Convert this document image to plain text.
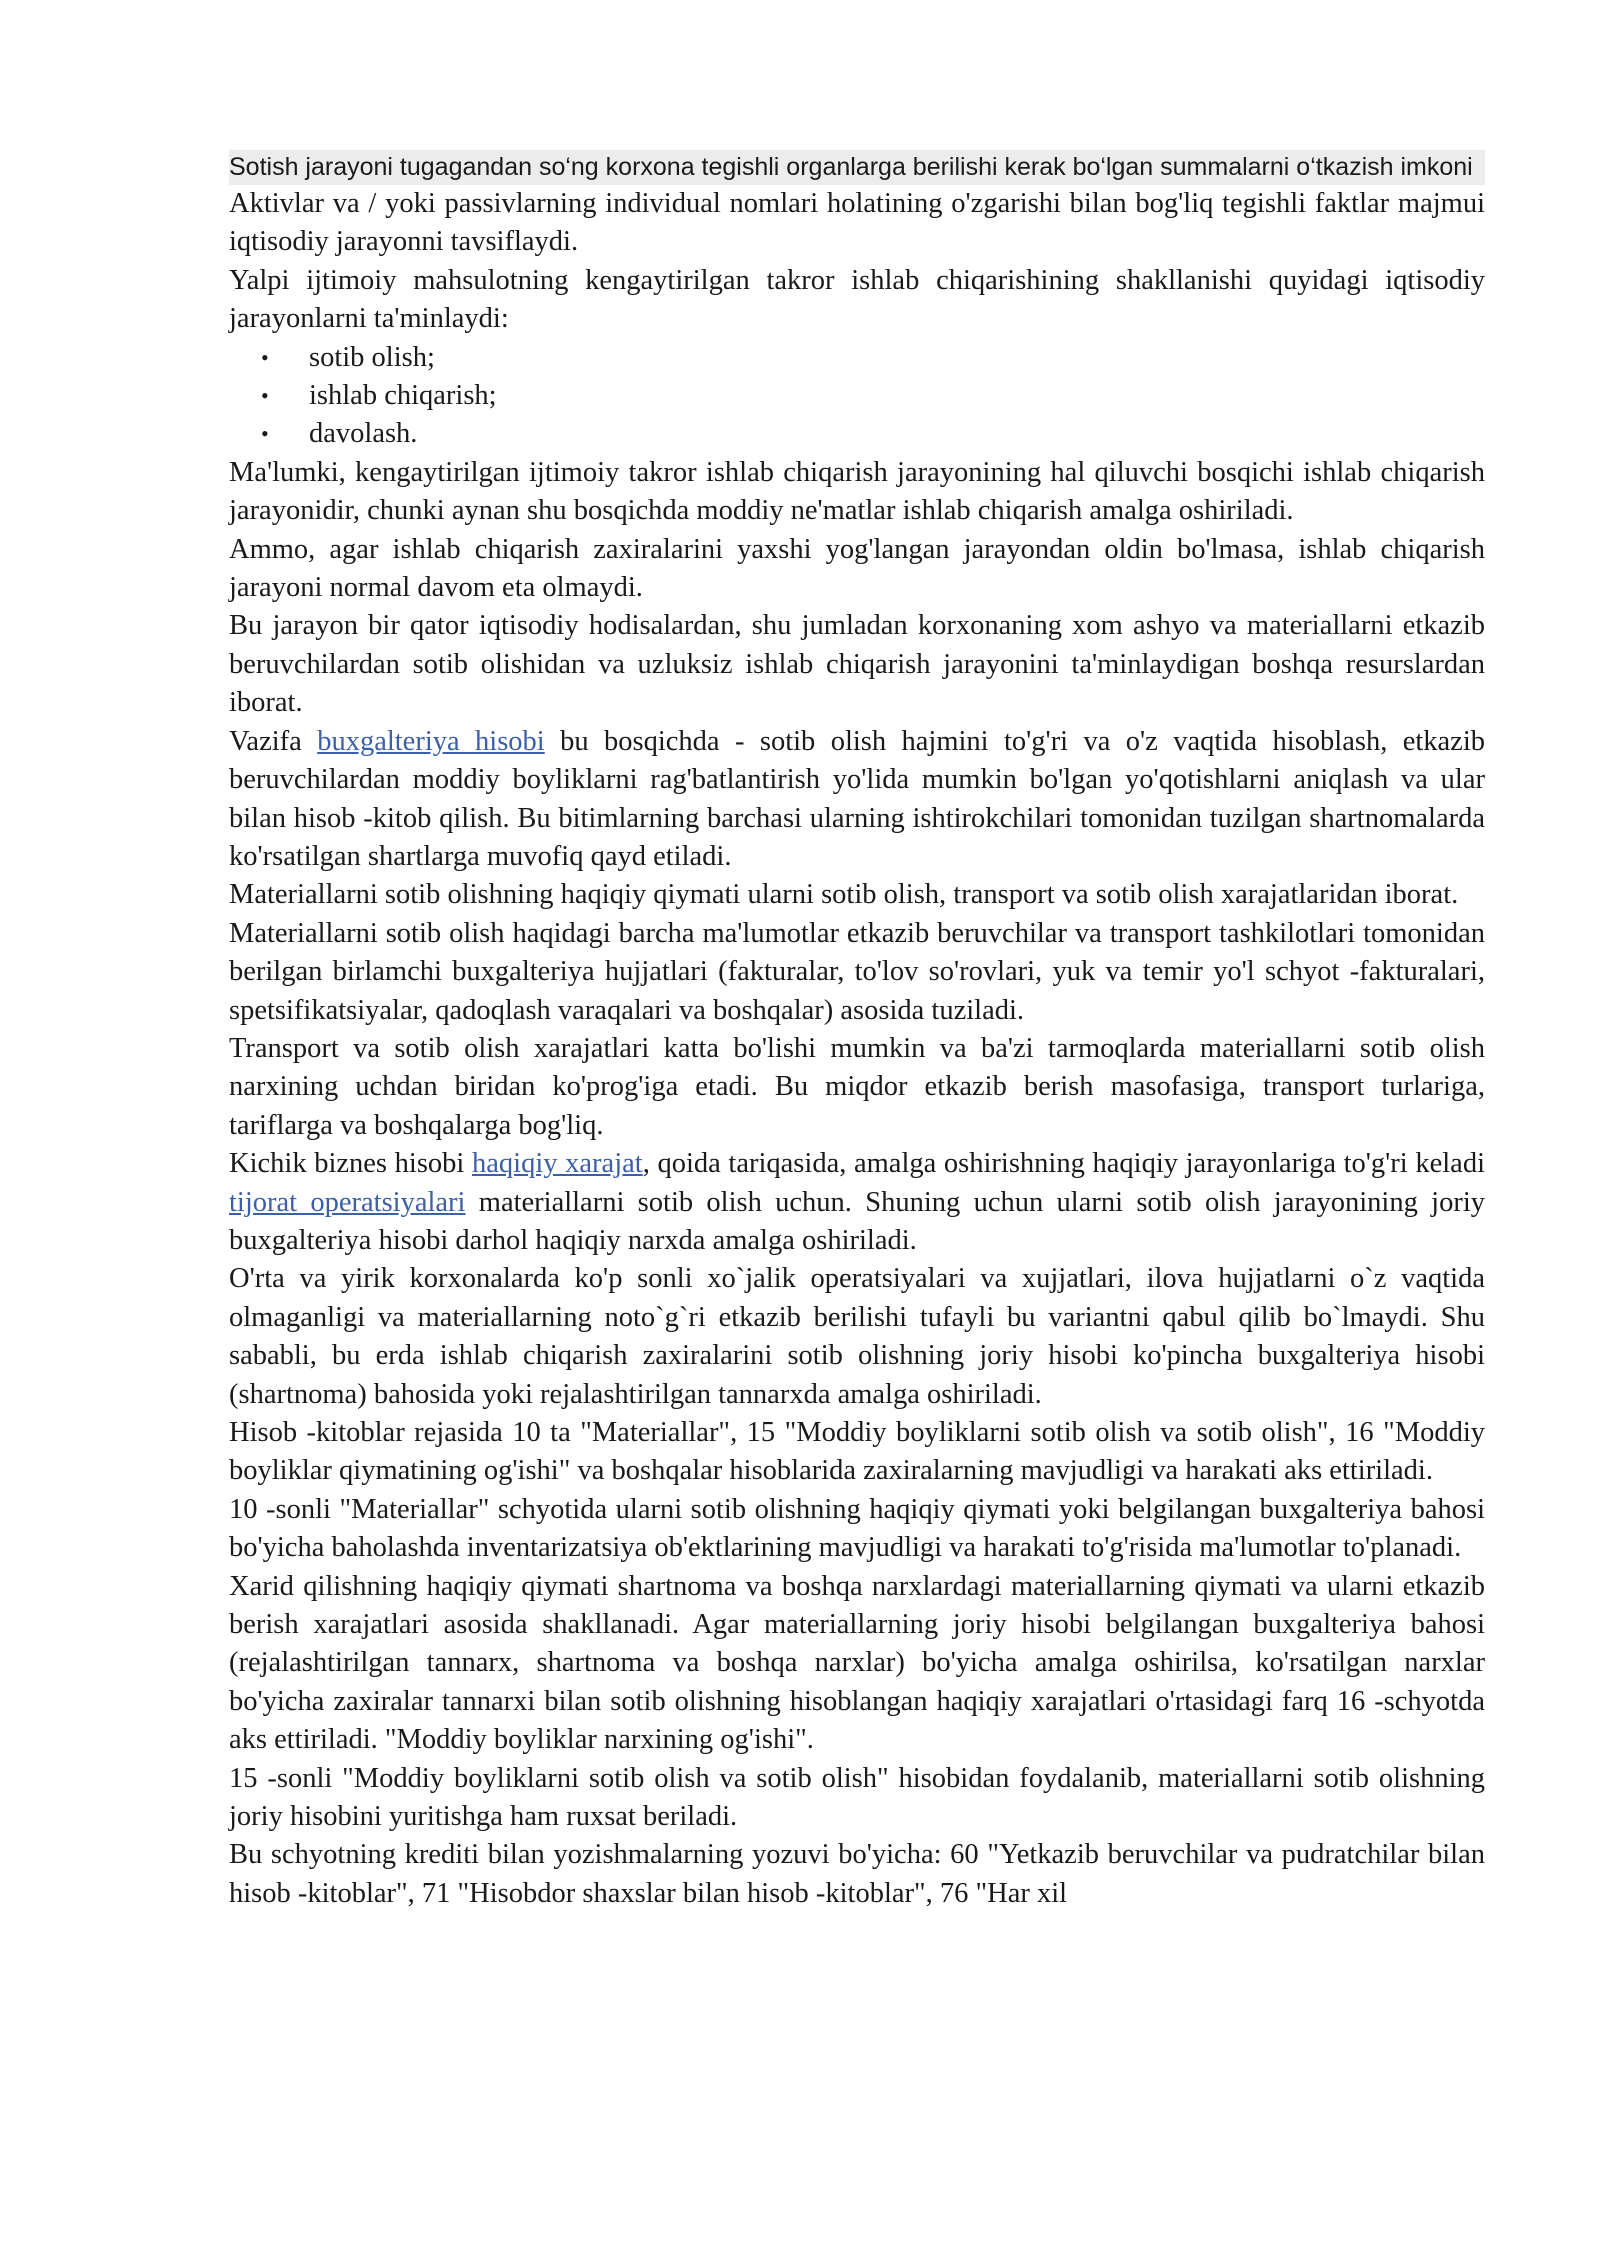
Sotish jarayoni tugagandan so‘ng korxona tegishli organlarga berilishi kerak bo‘lgan summalarni o‘tkazish imkoni

Aktivlar va / yoki passivlarning individual nomlari holatining o'zgarishi bilan bog'liq tegishli faktlar majmui iqtisodiy jarayonni tavsiflaydi.

Yalpi ijtimoiy mahsulotning kengaytirilgan takror ishlab chiqarishining shakllanishi quyidagi iqtisodiy jarayonlarni ta'minlaydi:

• sotib olish;
• ishlab chiqarish;
• davolash.

Ma'lumki, kengaytirilgan ijtimoiy takror ishlab chiqarish jarayonining hal qiluvchi bosqichi ishlab chiqarish jarayonidir, chunki aynan shu bosqichda moddiy ne'matlar ishlab chiqarish amalga oshiriladi.

Ammo, agar ishlab chiqarish zaxiralarini yaxshi yog'langan jarayondan oldin bo'lmasa, ishlab chiqarish jarayoni normal davom eta olmaydi.

Bu jarayon bir qator iqtisodiy hodisalardan, shu jumladan korxonaning xom ashyo va materiallarni etkazib beruvchilardan sotib olishidan va uzluksiz ishlab chiqarish jarayonini ta'minlaydigan boshqa resurslardan iborat.

Vazifa buxgalteriya hisobi bu bosqichda - sotib olish hajmini to'g'ri va o'z vaqtida hisoblash, etkazib beruvchilardan moddiy boyliklarni rag'batlantirish yo'lida mumkin bo'lgan yo'qotishlarni aniqlash va ular bilan hisob -kitob qilish. Bu bitimlarning barchasi ularning ishtirokchilari tomonidan tuzilgan shartnomalarda ko'rsatilgan shartlarga muvofiq qayd etiladi.

Materiallarni sotib olishning haqiqiy qiymati ularni sotib olish, transport va sotib olish xarajatlaridan iborat.

Materiallarni sotib olish haqidagi barcha ma'lumotlar etkazib beruvchilar va transport tashkilotlari tomonidan berilgan birlamchi buxgalteriya hujjatlari (fakturalar, to'lov so'rovlari, yuk va temir yo'l schyot -fakturalari, spetsifikatsiyalar, qadoqlash varaqalari va boshqalar) asosida tuziladi.

Transport va sotib olish xarajatlari katta bo'lishi mumkin va ba'zi tarmoqlarda materiallarni sotib olish narxining uchdan biridan ko'prog'iga etadi. Bu miqdor etkazib berish masofasiga, transport turlariga, tariflarga va boshqalarga bog'liq.

Kichik biznes hisobi haqiqiy xarajat, qoida tariqasida, amalga oshirishning haqiqiy jarayonlariga to'g'ri keladi tijorat operatsiyalari materiallarni sotib olish uchun. Shuning uchun ularni sotib olish jarayonining joriy buxgalteriya hisobi darhol haqiqiy narxda amalga oshiriladi.

O'rta va yirik korxonalarda ko'p sonli xo`jalik operatsiyalari va xujjatlari, ilova hujjatlarni o`z vaqtida olmaganligi va materiallarning noto`g`ri etkazib berilishi tufayli bu variantni qabul qilib bo`lmaydi. Shu sababli, bu erda ishlab chiqarish zaxiralarini sotib olishning joriy hisobi ko'pincha buxgalteriya hisobi (shartnoma) bahosida yoki rejalashtirilgan tannarxda amalga oshiriladi.

Hisob -kitoblar rejasida 10 ta "Materiallar", 15 "Moddiy boyliklarni sotib olish va sotib olish", 16 "Moddiy boyliklar qiymatining og'ishi" va boshqalar hisoblarida zaxiralarning mavjudligi va harakati aks ettiriladi.

10 -sonli "Materiallar" schyotida ularni sotib olishning haqiqiy qiymati yoki belgilangan buxgalteriya bahosi bo'yicha baholashda inventarizatsiya ob'ektlarining mavjudligi va harakati to'g'risida ma'lumotlar to'planadi.

Xarid qilishning haqiqiy qiymati shartnoma va boshqa narxlardagi materiallarning qiymati va ularni etkazib berish xarajatlari asosida shakllanadi. Agar materiallarning joriy hisobi belgilangan buxgalteriya bahosi (rejalashtirilgan tannarx, shartnoma va boshqa narxlar) bo'yicha amalga oshirilsa, ko'rsatilgan narxlar bo'yicha zaxiralar tannarxi bilan sotib olishning hisoblangan haqiqiy xarajatlari o'rtasidagi farq 16 -schyotda aks ettiriladi. "Moddiy boyliklar narxining og'ishi".

15 -sonli "Moddiy boyliklarni sotib olish va sotib olish" hisobidan foydalanib, materiallarni sotib olishning joriy hisobini yuritishga ham ruxsat beriladi.

Bu schyotning krediti bilan yozishmalarning yozuvi bo'yicha: 60 "Yetkazib beruvchilar va pudratchilar bilan hisob -kitoblar", 71 "Hisobdor shaxslar bilan hisob -kitoblar", 76 "Har xil
